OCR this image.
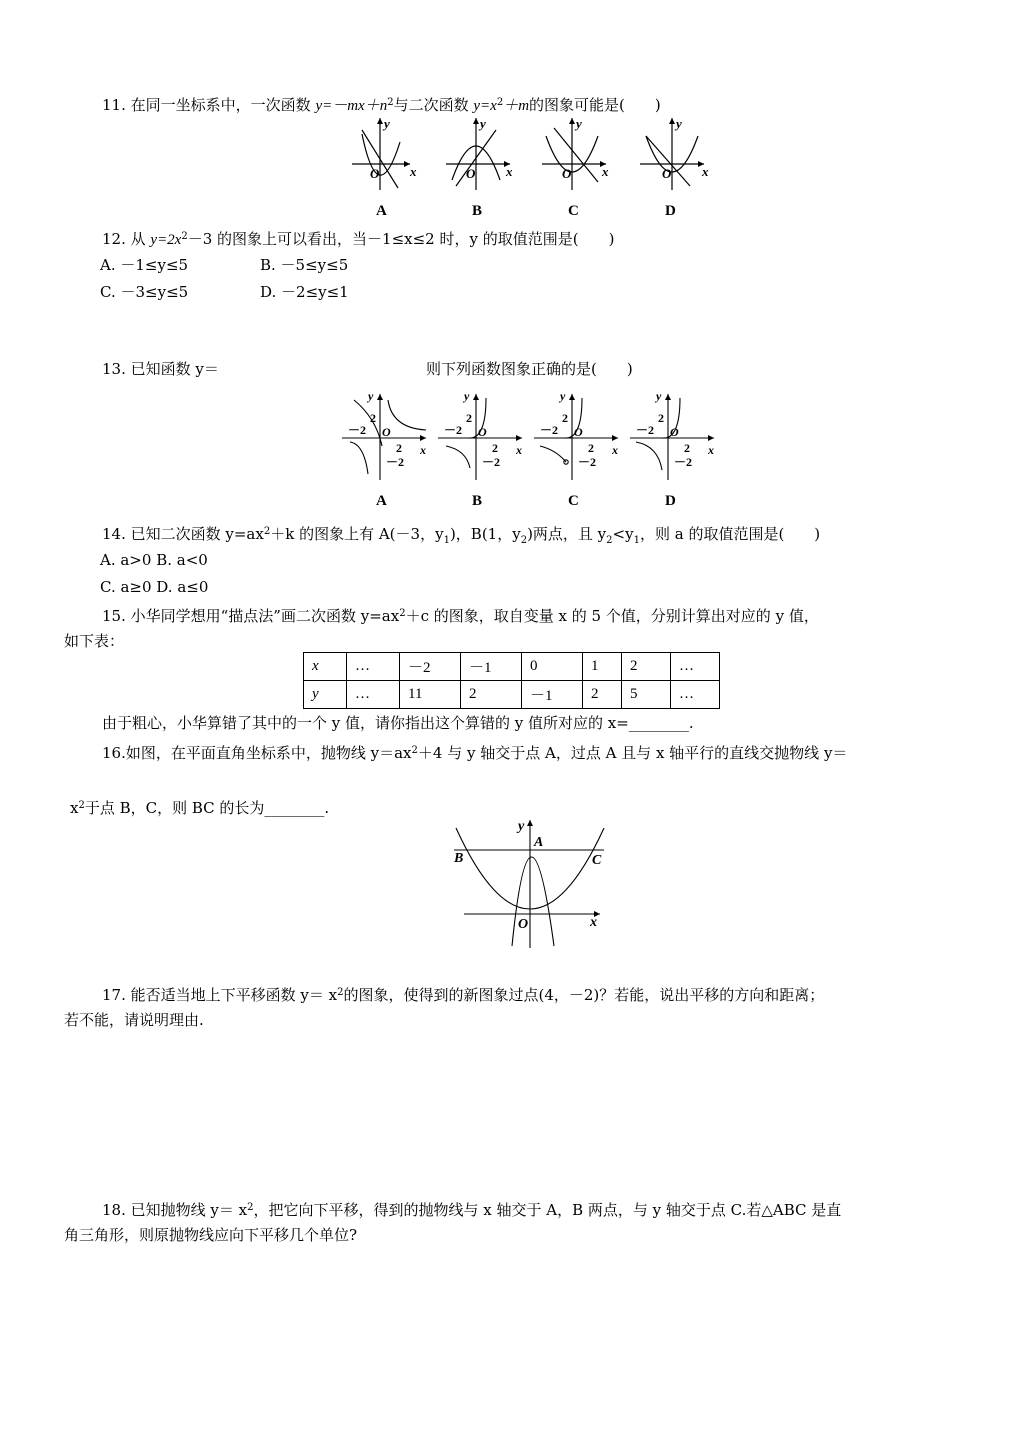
11. 在同一坐标系中，一次函数 $y=-mx+n^2$与二次函数 $y=x^2+m$的图象可能是(　　)
y
x
O
y
x
O
y
x
O
y
x
O
A	B	C	D
12. 从 $y=2x^2-3$ 的图象上可以看出，当－1≤x≤2 时，y 的取值范围是(　　)
A. －1≤y≤5	B. －5≤y≤5
C. －3≤y≤5	D. －2≤y≤1
13. 已知函数 y＝	则下列函数图象正确的是(　　)
y
2
－2 O
2
－2
x
y
2
－2 O
2
－2
x
y
2
－2 O
2
－2
x
y
2
－2 O
2
－2
x
A	B	C	D
14. 已知二次函数 $y=ax^2+k$ 的图象上有 A(－3，$y_1$)，B(1，$y_2$)两点，且 $y_2<y_1$，则 a 的取值范围是(　　)
A. a>0 B. a<0
C. a≥0 D. a≤0
15. 小华同学想用“描点法”画二次函数 $y=ax^2+c$ 的图象，取自变量 x 的 5 个值，分别计算出对应的 y 值，
如下表：
x	…	－2	－1	0	1	2	…
y	…	11	2	－1	2	5	…
由于粗心，小华算错了其中的一个 y 值，请你指出这个算错的 y 值所对应的 x=________.
16.如图，在平面直角坐标系中，抛物线 $y=ax^2+4$ 与 y 轴交于点 A，过点 A 且与 x 轴平行的直线交抛物线 y＝
$x^2$于点 B，C，则 BC 的长为________.
y
A
B	C
O	x
17. 能否适当地上下平移函数 $y= x^2$的图象，使得到的新图象过点(4，－2)？若能，说出平移的方向和距离；
若不能，请说明理由.
18. 已知抛物线 $y= x^2$，把它向下平移，得到的抛物线与 x 轴交于 A，B 两点，与 y 轴交于点 C.若△ABC 是直
角三角形，则原抛物线应向下平移几个单位?
